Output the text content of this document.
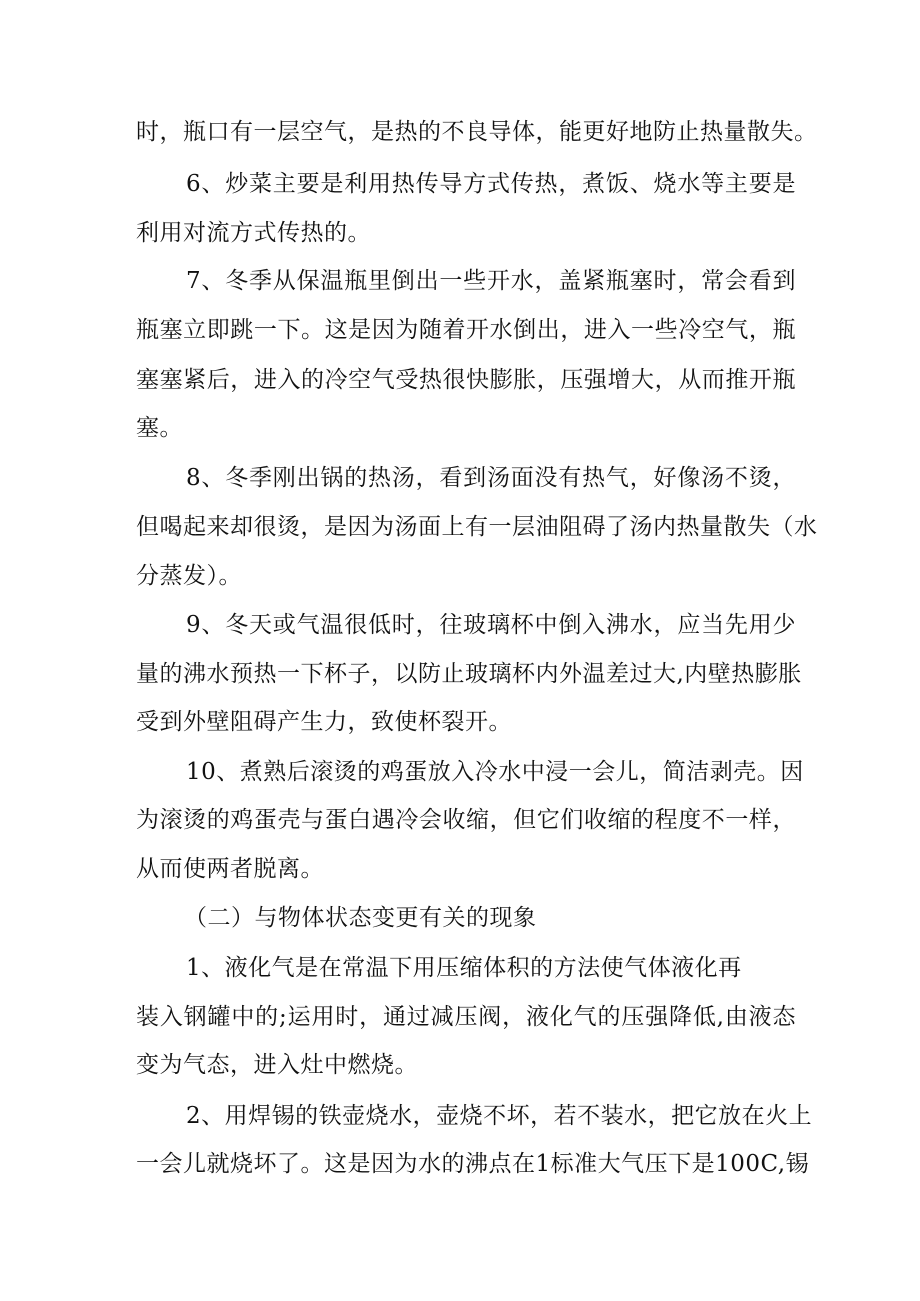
时，瓶口有一层空气，是热的不良导体，能更好地防止热量散失。
6、炒菜主要是利用热传导方式传热，煮饭、烧水等主要是
利用对流方式传热的。
7、冬季从保温瓶里倒出一些开水，盖紧瓶塞时，常会看到
瓶塞立即跳一下。这是因为随着开水倒出，进入一些冷空气，瓶
塞塞紧后，进入的冷空气受热很快膨胀，压强增大，从而推开瓶
塞。
8、冬季刚出锅的热汤，看到汤面没有热气，好像汤不烫，
但喝起来却很烫，是因为汤面上有一层油阻碍了汤内热量散失（水
分蒸发）。
9、冬天或气温很低时，往玻璃杯中倒入沸水，应当先用少
量的沸水预热一下杯子，以防止玻璃杯内外温差过大,内壁热膨胀
受到外壁阻碍产生力，致使杯裂开。
10、煮熟后滚烫的鸡蛋放入冷水中浸一会儿，简洁剥壳。因
为滚烫的鸡蛋壳与蛋白遇冷会收缩，但它们收缩的程度不一样，
从而使两者脱离。
（二）与物体状态变更有关的现象
1、液化气是在常温下用压缩体积的方法使气体液化再
装入钢罐中的;运用时，通过减压阀，液化气的压强降低,由液态
变为气态，进入灶中燃烧。
2、用焊锡的铁壶烧水，壶烧不坏，若不装水，把它放在火上
一会儿就烧坏了。这是因为水的沸点在1标准大气压下是100C,锡
